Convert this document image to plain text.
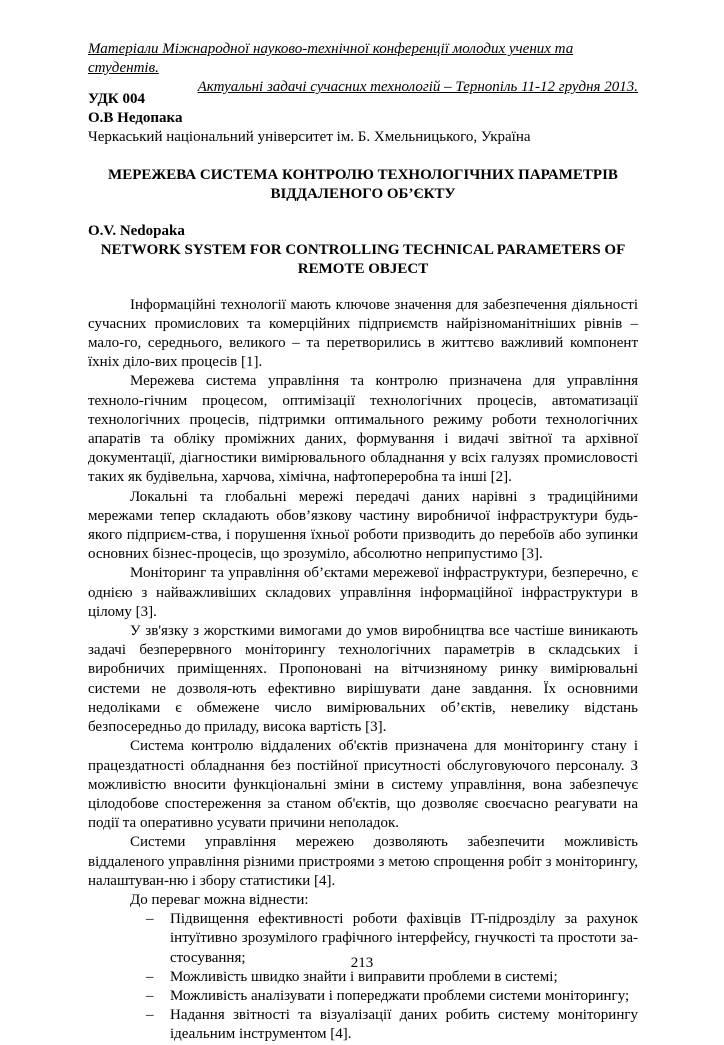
Матеріали Міжнародної науково-технічної конференції молодих учених та студентів.
Актуальні задачі сучасних технологій – Тернопіль 11-12 грудня 2013.
УДК 004
О.В Недопака
Черкаський національний університет ім. Б. Хмельницького, Україна
МЕРЕЖЕВА СИСТЕМА КОНТРОЛЮ ТЕХНОЛОГІЧНИХ ПАРАМЕТРІВ
ВІДДАЛЕНОГО ОБ’ЄКТУ
O.V. Nedopaka
NETWORK SYSTEM FOR CONTROLLING TECHNICAL PARAMETERS OF
REMOTE OBJECT

Інформаційні технології мають ключове значення для забезпечення діяльності сучасних промислових та комерційних підприємств найрізноманітніших рівнів – мало-го, середнього, великого – та перетворились в життєво важливий компонент їхніх діло-вих процесів [1].

Мережева система управління та контролю призначена для управління техноло-гічним процесом, оптимізації технологічних процесів, автоматизації технологічних процесів, підтримки оптимального режиму роботи технологічних апаратів та обліку проміжних даних, формування і видачі звітної та архівної документації, діагностики вимірювального обладнання у всіх галузях промисловості таких як будівельна, харчова, хімічна, нафтопереробна та інші [2].

Локальні та глобальні мережі передачі даних нарівні з традиційними мережами тепер складають обов’язкову частину виробничої інфраструктури будь-якого підприєм-ства, і порушення їхньої роботи призводить до перебоїв або зупинки основних бізнес-процесів, що зрозуміло, абсолютно неприпустимо [3].

Моніторинг та управління об’єктами мережевої інфраструктури, безперечно, є однією з найважливіших складових управління інформаційної інфраструктури в цілому [3].

У зв'язку з жорсткими вимогами до умов виробництва все частіше виникають задачі безперервного моніторингу технологічних параметрів в складських і виробничих приміщеннях. Пропоновані на вітчизняному ринку вимірювальні системи не дозволя-ють ефективно вирішувати дане завдання. Їх основними недоліками є обмежене число вимірювальних об’єктів, невелику відстань безпосередньо до приладу, висока вартість [3].

Система контролю віддалених об'єктів призначена для моніторингу стану і працездатності обладнання без постійної присутності обслуговуючого персоналу. З можливістю вносити функціональні зміни в систему управління, вона забезпечує цілодобове спостереження за станом об'єктів, що дозволяє своєчасно реагувати на події та оперативно усувати причини неполадок.

Системи управління мережею дозволяють забезпечити можливість віддаленого управління різними пристроями з метою спрощення робіт з моніторингу, налаштуван-ню і збору статистики [4].

До переваг можна віднести:

– Підвищення ефективності роботи фахівців IT-підрозділу за рахунок інтуїтивно зрозумілого графічного інтерфейсу, гнучкості та простоти за-стосування;
– Можливість швидко знайти і виправити проблеми в системі;
– Можливість аналізувати і попереджати проблеми системи моніторингу;
– Надання звітності та візуалізації даних робить систему моніторингу ідеальним інструментом [4].
213
